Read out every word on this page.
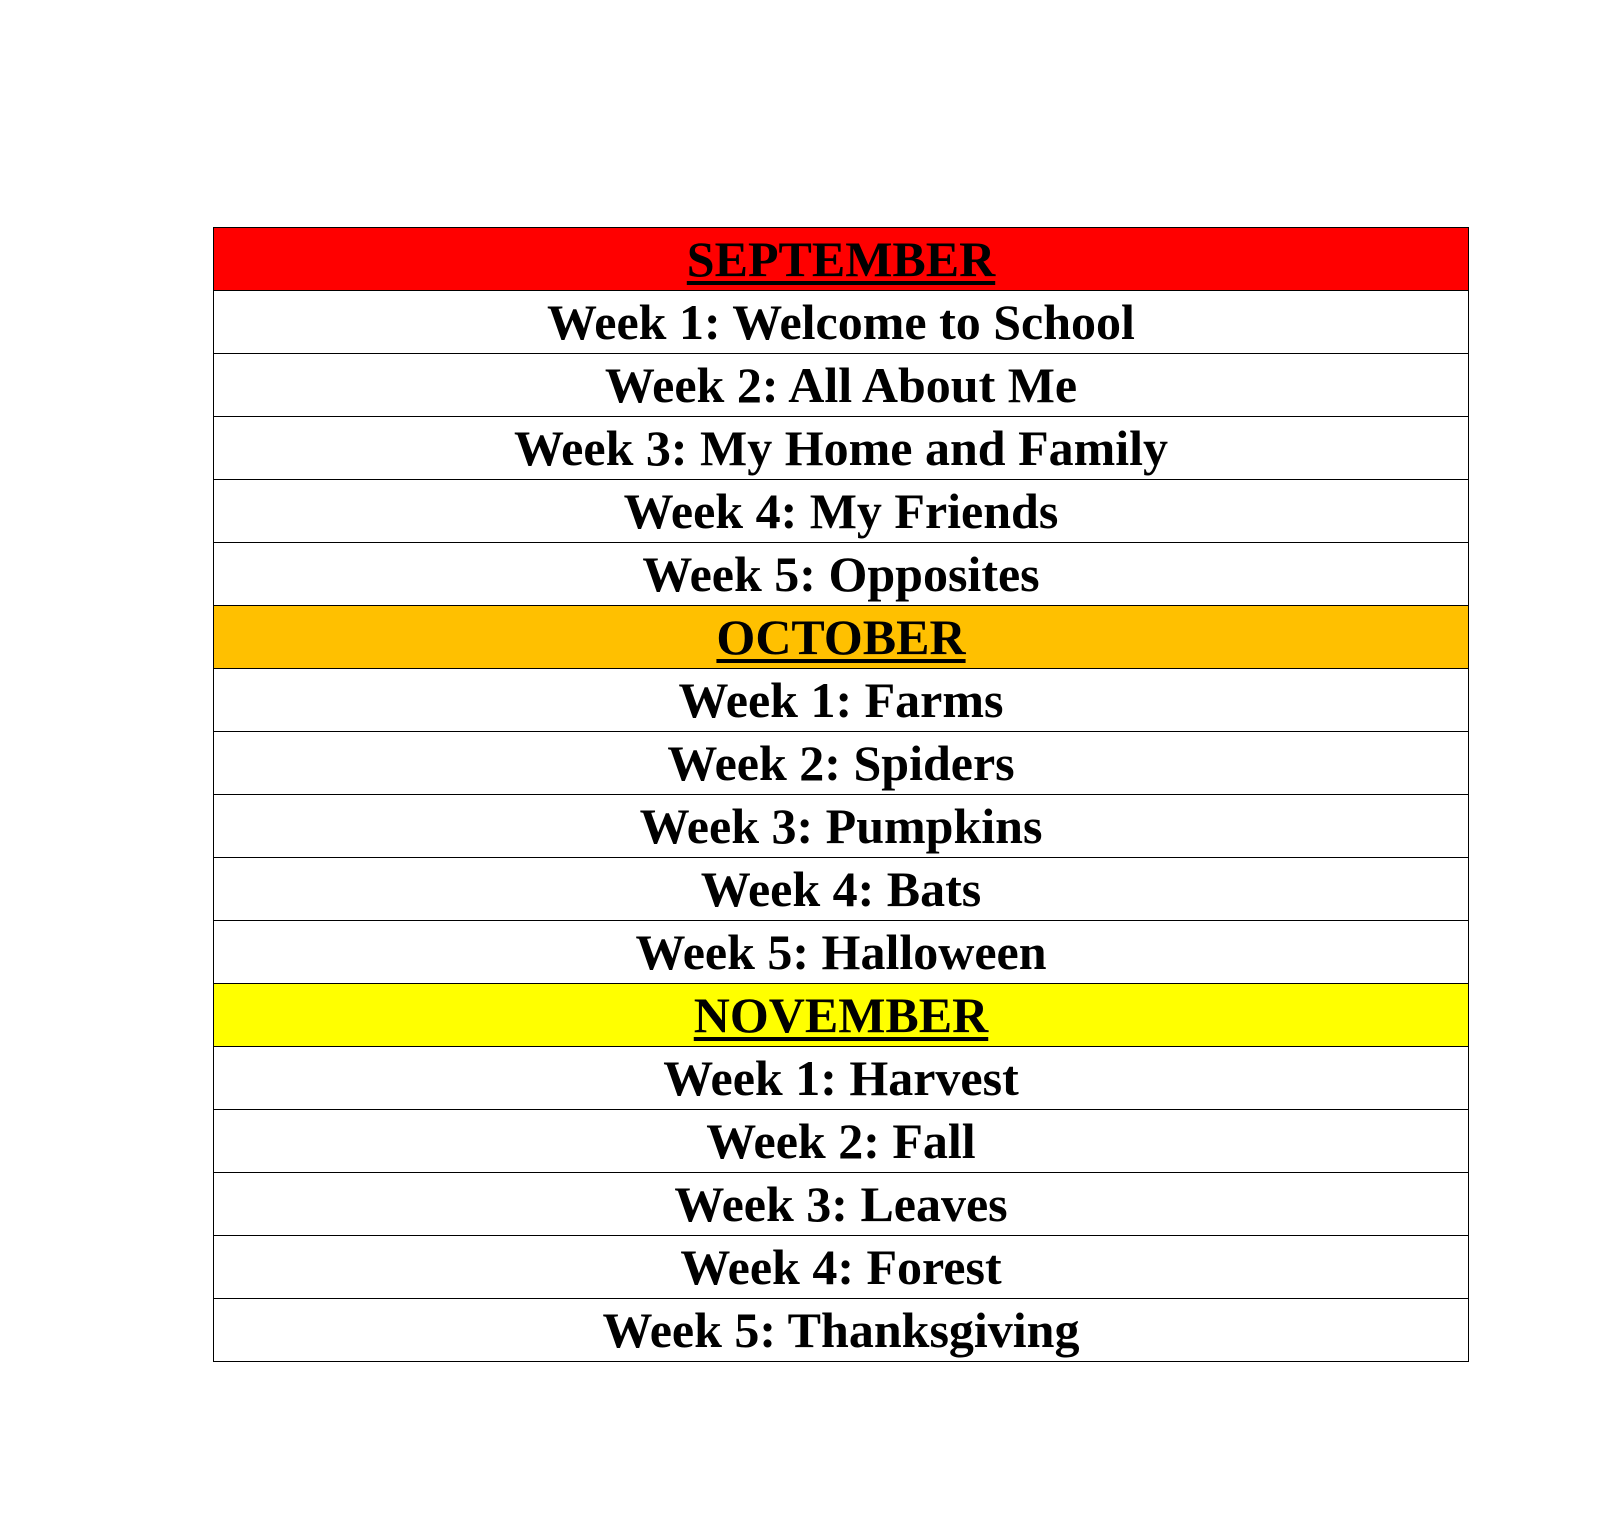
SEPTEMBER
Week 1: Welcome to School
Week 2: All About Me
Week 3: My Home and Family
Week 4: My Friends
Week 5: Opposites
OCTOBER
Week 1: Farms
Week 2: Spiders
Week 3: Pumpkins
Week 4: Bats
Week 5: Halloween
NOVEMBER
Week 1: Harvest
Week 2: Fall
Week 3: Leaves
Week 4: Forest
Week 5: Thanksgiving
